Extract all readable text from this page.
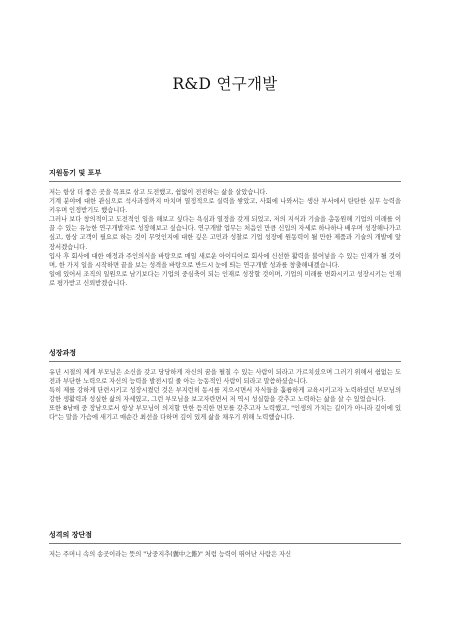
R&D 연구개발
지원동기 및 포부

저는 항상 더 좋은 곳을 목표로 삼고 도전했고, 쉼없이 전진하는 삶을 살았습니다.

기계 분야에 대한 관심으로 석사과정까지 마치며 열정적으로 실력을 쌓았고, 사회에 나와서는 생산 부서에서 탄탄한 실무 능력을 키우며 인정받기도 했습니다.

그러나 보다 창의적이고 도전적인 일을 해보고 싶다는 욕심과 열정을 갖게 되었고, 저의 지식과 기술을 총동원해 기업의 미래를 이끌 수 있는 유능한 연구개발자로 성장해보고 싶습니다. 연구개발 업무는 처음인 만큼 신입의 자세로 하나하나 배우며 성장해나가고 싶고, 항상 고객이 필요로 하는 것이 무엇인지에 대한 깊은 고민과 성찰로 기업 성장에 원동력이 될 만한 제품과 기술의 개발에 앞장서겠습니다.

입사 후 회사에 대한 애정과 주인의식을 바탕으로 매일 새로운 아이디어로 회사에 신선한 활력을 불어넣을 수 있는 인재가 될 것이며, 한 가지 일을 시작하면 끝을 보는 성격을 바탕으로 반드시 눈에 띄는 연구개발 성과를 창출해내겠습니다.

일에 있어서 조직의 일원으로 남기보다는 기업의 중심축이 되는 인재로 성장할 것이며, 기업의 미래를 변화시키고 성장시키는 인재로 평가받고 신뢰받겠습니다.

성장과정

유년 시절의 제게 부모님은 소신을 갖고 당당하게 자신의 꿈을 펼칠 수 있는 사람이 되라고 가르치셨으며 그러기 위해서 쉼없는 도전과 부단한 노력으로 자신의 능력을 발전시킬 줄 아는 능동적인 사람이 되라고 말씀하셨습니다.

특히 제를 강하게 단련시키고 성장시켰던 것은 부지런히 동시를 지으시면서 자식들을 훌륭하게 교육시키고자 노력하셨던 부모님의 강한 생활력과 성실한 삶의 자세였고, 그런 부모님을 보고자란면서 저 역시 성실함을 갖추고 노력하는 삶을 살 수 있었습니다.

또한 8남매 중 장남으로서 항상 부모님이 의지할 만한 듬직한 면모를 갖추고자 노력했고, "인생의 가치는 길이가 아니라 깊이에 있다"는 말을 가슴에 새기고 매순간 최선을 다하며 깊이 있게 삶을 채우기 위해 노력했습니다.

성격의 장단점

저는 주머니 속의 송곳이라는 뜻의 "낭중지추(囊中之錐)" 처럼 능력이 뛰어난 사람은 자신
